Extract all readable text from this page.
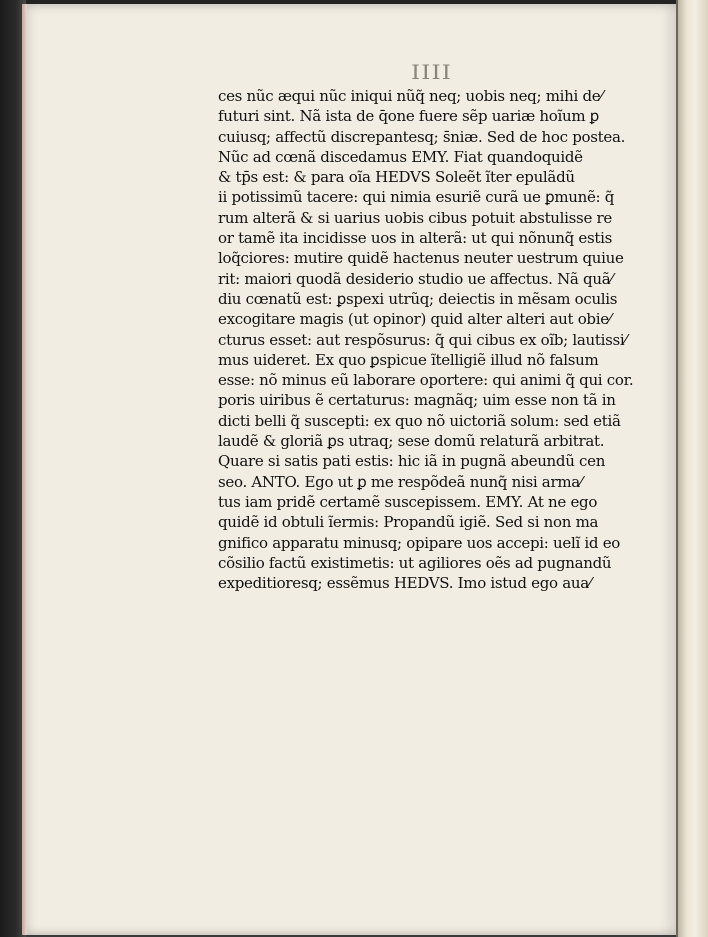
IIII
ces nũc æqui nũc iniqui nũq̃ neq; uobis neq; mihi de⁄
futuri sint. Nã ista de q̄one fuere sẽp uariæ hoĩum ꝑ
cuiusq; affectũ discrepantesq; s̄niæ. Sed de hoc postea.
Nũc ad cœnã discedamus EMY. Fiat quandoquidẽ
& tp̄s est: & para oĩa HEDVS Soleẽt ĩter epulãdũ
ii potissimũ tacere: qui nimia esuriẽ curã ue ꝑmunẽ: q̃
rum alterã & si uarius uobis cibus potuit abstulisse re
or tamẽ ita incidisse uos in alterã: ut qui nõnunq̃ estis
loq̃ciores: mutire quidẽ hactenus neuter uestrum quiue
rit: maiori quodã desiderio studio ue affectus. Nã quã⁄
diu cœnatũ est: ꝑspexi utrũq; deiectis in mẽsam oculis
excogitare magis (ut opinor) quid alter alteri aut obie⁄
cturus esset: aut respõsurus: q̃ qui cibus ex oĩb; lautissi⁄
mus uideret. Ex quo ꝑspicue ĩtelligiẽ illud nõ falsum
esse: nõ minus eũ laborare oportere: qui animi q̃ qui cor.
poris uiribus ẽ certaturus: magnãq; uim esse non tã in
dicti belli q̃ suscepti: ex quo nõ uictoriã solum: sed etiã
laudẽ & gloriã ꝑs utraq; sese domũ relaturã arbitrat.
Quare si satis pati estis: hic iã in pugnã abeundũ cen
seo. ANTO. Ego ut ꝑ me respõdeã nunq̃ nisi arma⁄
tus iam pridẽ certamẽ suscepissem. EMY. At ne ego
quidẽ id obtuli ĩermis: Propandũ igiẽ. Sed si non ma
gnifico apparatu minusq; opipare uos accepi: uelĩ id eo
cõsilio factũ existimetis: ut agiliores oẽs ad pugnandũ
expeditioresq; essẽmus HEDVS. Imo istud ego aua⁄
